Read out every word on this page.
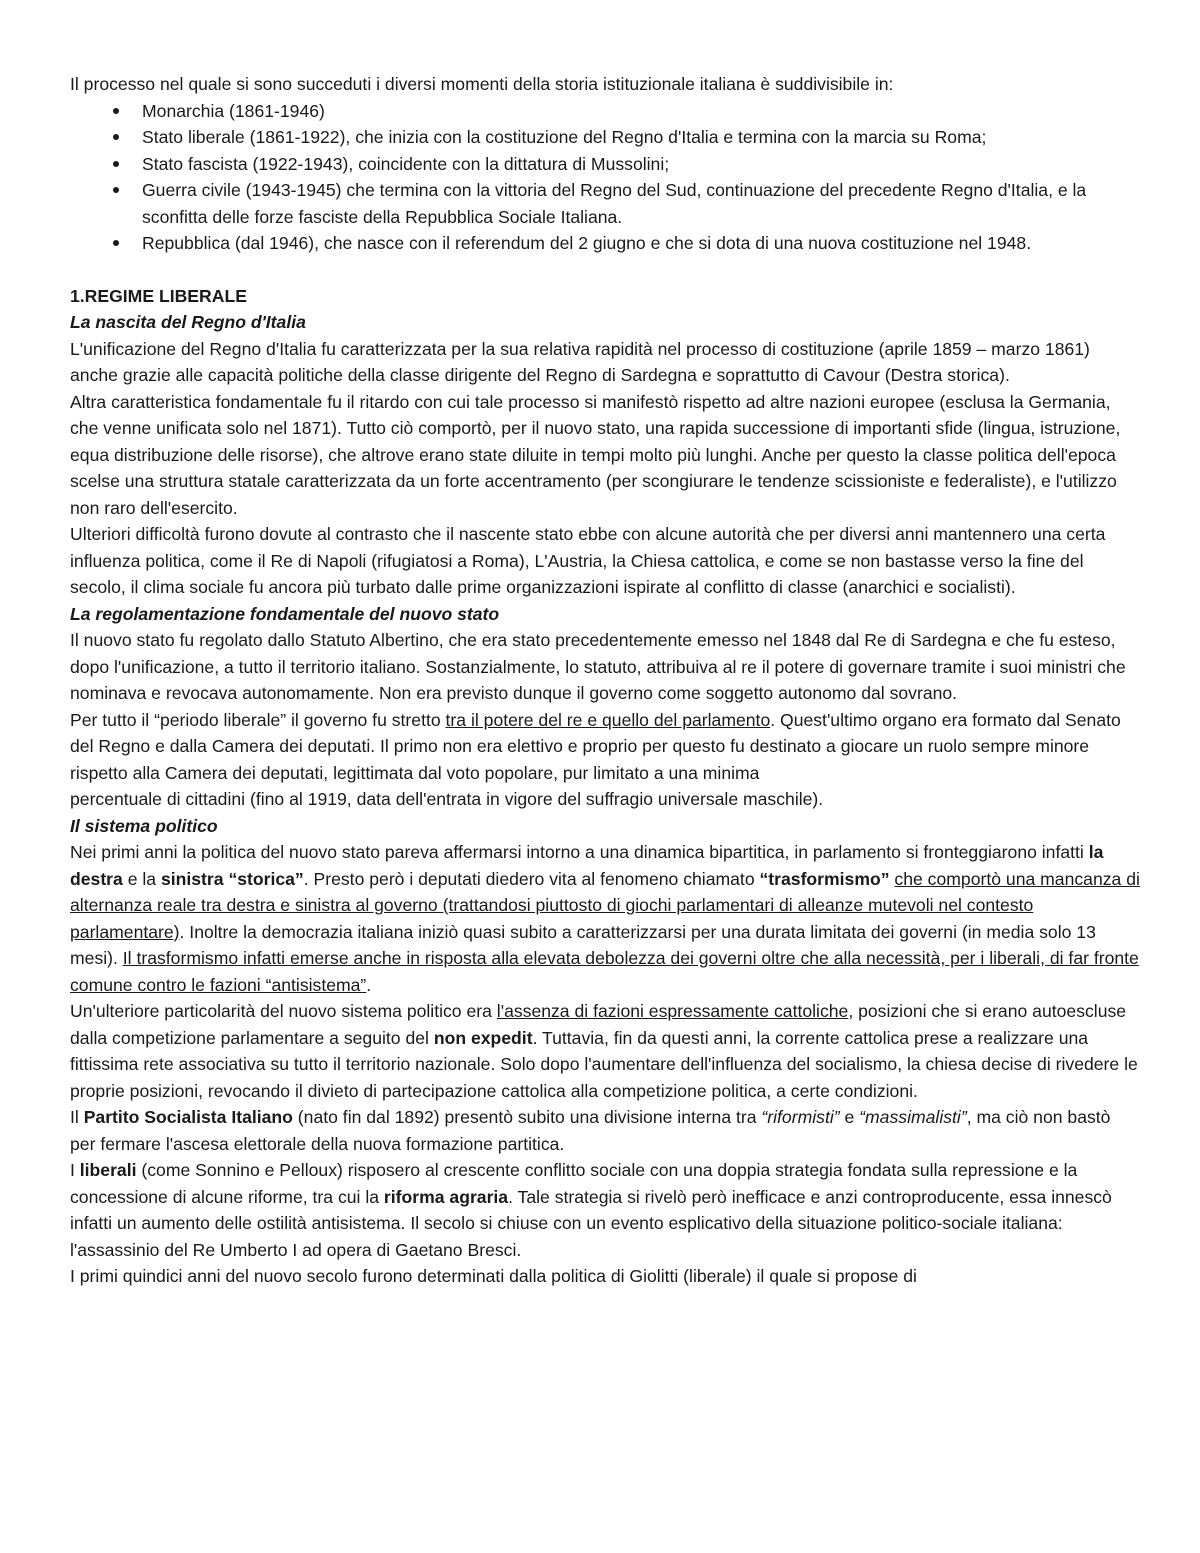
Il processo nel quale si sono succeduti i diversi momenti della storia istituzionale italiana è suddivisibile in:

Monarchia (1861-1946)
Stato liberale (1861-1922), che inizia con la costituzione del Regno d'Italia e termina con la marcia su Roma;
Stato fascista (1922-1943), coincidente con la dittatura di Mussolini;
Guerra civile (1943-1945) che termina con la vittoria del Regno del Sud, continuazione del precedente Regno d'Italia, e la sconfitta delle forze fasciste della Repubblica Sociale Italiana.
Repubblica (dal 1946), che nasce con il referendum del 2 giugno e che si dota di una nuova costituzione nel 1948.

1.REGIME LIBERALE

La nascita del Regno d'Italia

L'unificazione del Regno d'Italia fu caratterizzata per la sua relativa rapidità nel processo di costituzione (aprile 1859 – marzo 1861) anche grazie alle capacità politiche della classe dirigente del Regno di Sardegna e soprattutto di Cavour (Destra storica).

Altra caratteristica fondamentale fu il ritardo con cui tale processo si manifestò rispetto ad altre nazioni europee (esclusa la Germania, che venne unificata solo nel 1871). Tutto ciò comportò, per il nuovo stato, una rapida successione di importanti sfide (lingua, istruzione, equa distribuzione delle risorse), che altrove erano state diluite in tempi molto più lunghi. Anche per questo la classe politica dell'epoca scelse una struttura statale caratterizzata da un forte accentramento (per scongiurare le tendenze scissioniste e federaliste), e l'utilizzo non raro dell'esercito.

Ulteriori difficoltà furono dovute al contrasto che il nascente stato ebbe con alcune autorità che per diversi anni mantennero una certa influenza politica, come il Re di Napoli (rifugiatosi a Roma), L'Austria, la Chiesa cattolica, e come se non bastasse verso la fine del secolo, il clima sociale fu ancora più turbato dalle prime organizzazioni ispirate al conflitto di classe (anarchici e socialisti).

La regolamentazione fondamentale del nuovo stato

Il nuovo stato fu regolato dallo Statuto Albertino, che era stato precedentemente emesso nel 1848 dal Re di Sardegna e che fu esteso, dopo l'unificazione, a tutto il territorio italiano. Sostanzialmente, lo statuto, attribuiva al re il potere di governare tramite i suoi ministri che nominava e revocava autonomamente. Non era previsto dunque il governo come soggetto autonomo dal sovrano.

Per tutto il “periodo liberale” il governo fu stretto tra il potere del re e quello del parlamento. Quest'ultimo organo era formato dal Senato del Regno e dalla Camera dei deputati. Il primo non era elettivo e proprio per questo fu destinato a giocare un ruolo sempre minore rispetto alla Camera dei deputati, legittimata dal voto popolare, pur limitato a una minima

percentuale di cittadini (fino al 1919, data dell'entrata in vigore del suffragio universale maschile).

Il sistema politico

Nei primi anni la politica del nuovo stato pareva affermarsi intorno a una dinamica bipartitica, in parlamento si fronteggiarono infatti la destra e la sinistra “storica”. Presto però i deputati diedero vita al fenomeno chiamato “trasformismo” che comportò una mancanza di alternanza reale tra destra e sinistra al governo (trattandosi piuttosto di giochi parlamentari di alleanze mutevoli nel contesto parlamentare). Inoltre la democrazia italiana iniziò quasi subito a caratterizzarsi per una durata limitata dei governi (in media solo 13 mesi). Il trasformismo infatti emerse anche in risposta alla elevata debolezza dei governi oltre che alla necessità, per i liberali, di far fronte comune contro le fazioni “antisistema”.

Un'ulteriore particolarità del nuovo sistema politico era l'assenza di fazioni espressamente cattoliche, posizioni che si erano autoescluse dalla competizione parlamentare a seguito del non expedit. Tuttavia, fin da questi anni, la corrente cattolica prese a realizzare una fittissima rete associativa su tutto il territorio nazionale. Solo dopo l'aumentare dell'influenza del socialismo, la chiesa decise di rivedere le proprie posizioni, revocando il divieto di partecipazione cattolica alla competizione politica, a certe condizioni.

Il Partito Socialista Italiano (nato fin dal 1892) presentò subito una divisione interna tra “riformisti” e “massimalisti”, ma ciò non bastò per fermare l'ascesa elettorale della nuova formazione partitica.

I liberali (come Sonnino e Pelloux) risposero al crescente conflitto sociale con una doppia strategia fondata sulla repressione e la concessione di alcune riforme, tra cui la riforma agraria. Tale strategia si rivelò però inefficace e anzi controproducente, essa innescò infatti un aumento delle ostilità antisistema. Il secolo si chiuse con un evento esplicativo della situazione politico-sociale italiana: l'assassinio del Re Umberto I ad opera di Gaetano Bresci.

I primi quindici anni del nuovo secolo furono determinati dalla politica di Giolitti (liberale) il quale si propose di
